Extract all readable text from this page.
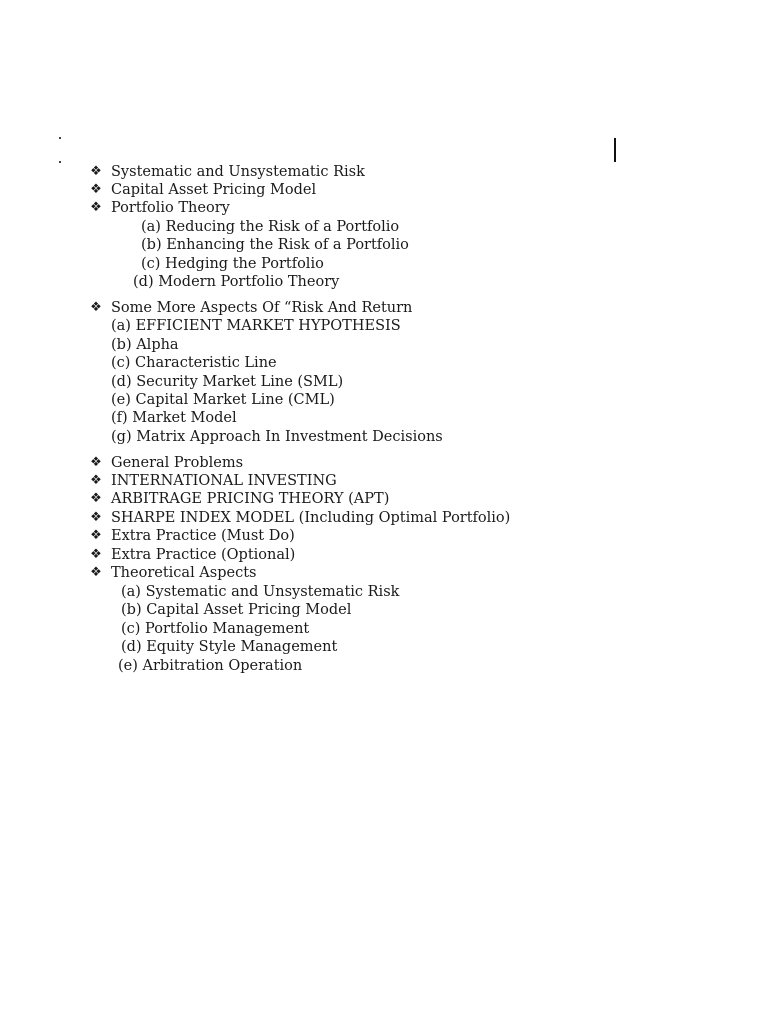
❖ Systematic and Unsystematic Risk
❖ Capital Asset Pricing Model
❖ Portfolio Theory
(a) Reducing the Risk of a Portfolio
(b) Enhancing the Risk of a Portfolio
(c) Hedging the Portfolio
(d) Modern Portfolio Theory
❖ Some More Aspects Of “Risk And Return
(a) EFFICIENT MARKET HYPOTHESIS
(b) Alpha
(c) Characteristic Line
(d) Security Market Line (SML)
(e) Capital Market Line (CML)
(f) Market Model
(g) Matrix Approach In Investment Decisions
❖ General Problems
❖ INTERNATIONAL INVESTING
❖ ARBITRAGE PRICING THEORY (APT)
❖ SHARPE INDEX MODEL (Including Optimal Portfolio)
❖ Extra Practice (Must Do)
❖ Extra Practice (Optional)
❖ Theoretical Aspects
(a) Systematic and Unsystematic Risk
(b) Capital Asset Pricing Model
(c) Portfolio Management
(d) Equity Style Management
(e) Arbitration Operation
